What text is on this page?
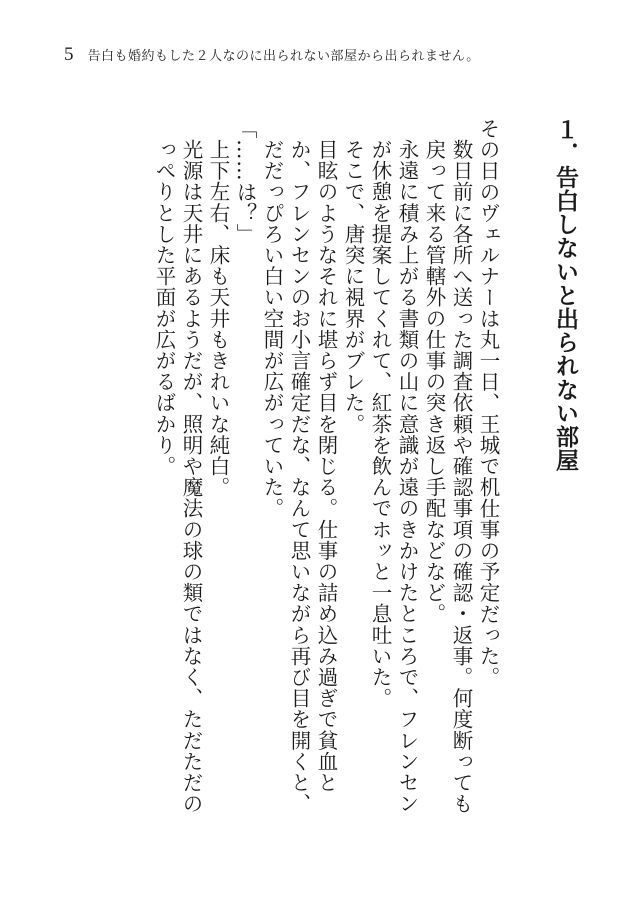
5 告白も婚約もした２人なのに出られない部屋から出られません。
１．告白しないと出られない部屋
その日のヴェルナーは丸一日、王城で机仕事の予定だった。
数日前に各所へ送った調査依頼や確認事項の確認・返事。何度断っても戻って来る管轄外の仕事の突き返し手配などなど。
永遠に積み上がる書類の山に意識が遠のきかけたところで、フレンセンが休憩を提案してくれて、紅茶を飲んでホッと一息吐いた。
そこで、唐突に視界がブレた。
目眩のようなそれに堪らず目を閉じる。仕事の詰め込み過ぎで貧血とか、フレンセンのお小言確定だな、なんて思いながら再び目を開くと、だだっぴろい白い空間が広がっていた。
「……は？」
上下左右、床も天井もきれいな純白。
光源は天井にあるようだが、照明や魔法の球の類ではなく、ただただのっぺりとした平面が広がるばかり。
